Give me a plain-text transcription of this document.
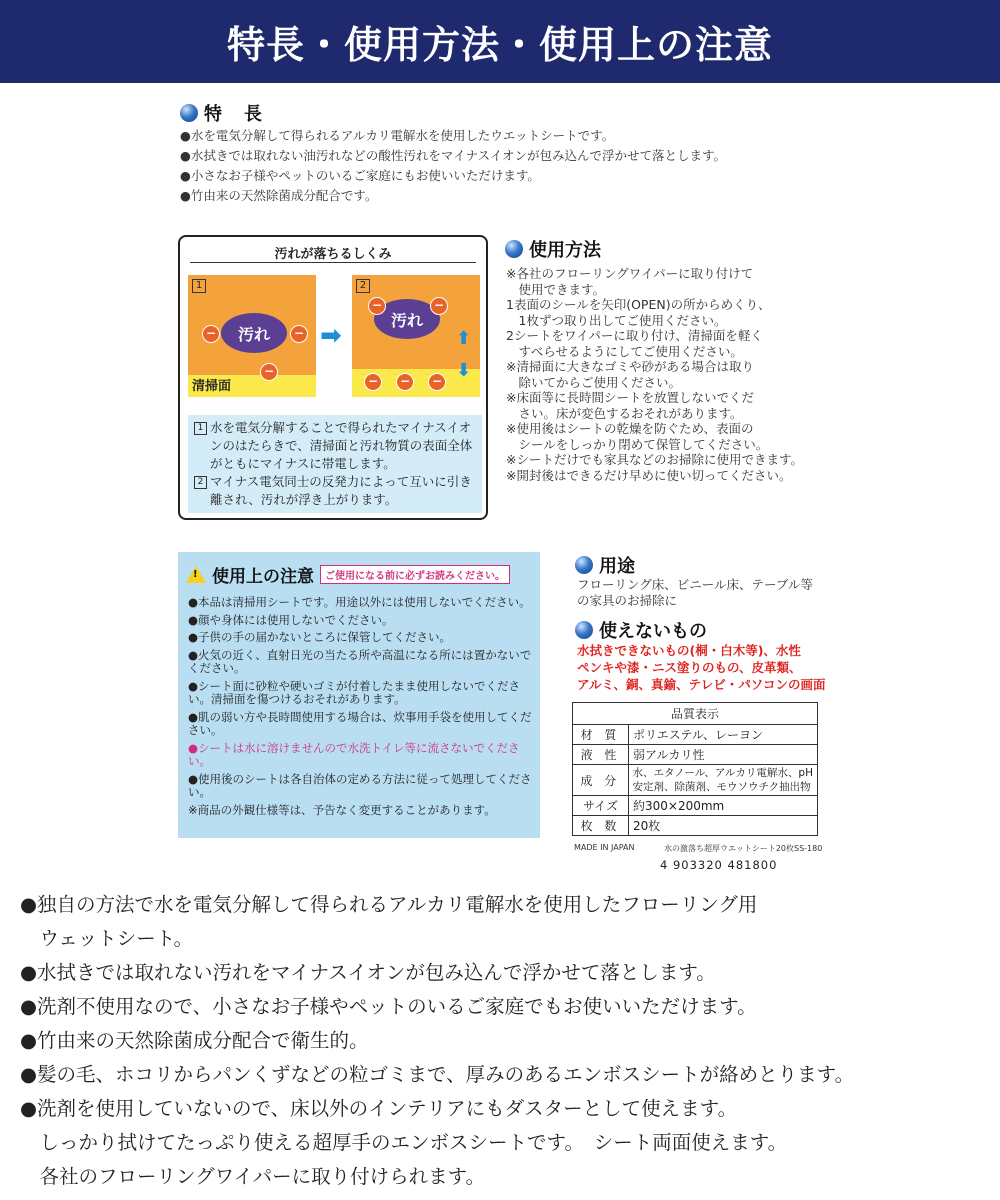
特長・使用方法・使用上の注意
特　長
●水を電気分解して得られるアルカリ電解水を使用したウエットシートです。
●水拭きでは取れない油汚れなどの酸性汚れをマイナスイオンが包み込んで浮かせて落とします。
●小さなお子様やペットのいるご家庭にもお使いいただけます。
●竹由来の天然除菌成分配合です。
汚れが落ちるしくみ
1
汚れ
−	−
−
清掃面
➡
2
汚れ
−	−
−	−	−
⬆

⬇
1 水を電気分解することで得られたマイナスイオンのはたらきで、清掃面と汚れ物質の表面全体がともにマイナスに帯電します。
2 マイナス電気同士の反発力によって互いに引き離され、汚れが浮き上がります。
使用方法
※各社のフローリングワイパーに取り付けて
　使用できます。
1表面のシールを矢印(OPEN)の所からめくり、
　1枚ずつ取り出してご使用ください。
2シートをワイパーに取り付け、清掃面を軽く
　すべらせるようにしてご使用ください。
※清掃面に大きなゴミや砂がある場合は取り
　除いてからご使用ください。
※床面等に長時間シートを放置しないでくだ
　さい。床が変色するおそれがあります。
※使用後はシートの乾燥を防ぐため、表面の
　シールをしっかり閉めて保管してください。
※シートだけでも家具などのお掃除に使用できます。
※開封後はできるだけ早めに使い切ってください。
! 使用上の注意	ご使用になる前に必ずお読みください。
●本品は清掃用シートです。用途以外には使用しないでください。
●顔や身体には使用しないでください。
●子供の手の届かないところに保管してください。
●火気の近く、直射日光の当たる所や高温になる所には置かないでください。
●シート面に砂粒や硬いゴミが付着したまま使用しないでください。清掃面を傷つけるおそれがあります。
●肌の弱い方や長時間使用する場合は、炊事用手袋を使用してください。
●シートは水に溶けませんので水洗トイレ等に流さないでください。
●使用後のシートは各自治体の定める方法に従って処理してください。
※商品の外観仕様等は、予告なく変更することがあります。
用途
フローリング床、ビニール床、テーブル等
の家具のお掃除に
使えないもの
水拭きできないもの(桐・白木等)、水性
ペンキや漆・ニス塗りのもの、皮革類、
アルミ、銅、真鍮、テレビ・パソコンの画面
品質表示
材 質	ポリエステル、レーヨン
液 性	弱アルカリ性
成 分
水、エタノール、アルカリ電解水、pH
安定剤、除菌剤、モウソウチク抽出物
サイズ	約300×200mm
枚 数	20枚
MADE IN JAPAN	水の激落ち超厚ウエットシート20枚SS-180
4 903320 481800
●独自の方法で水を電気分解して得られるアルカリ電解水を使用したフローリング用
　ウェットシート。
●水拭きでは取れない汚れをマイナスイオンが包み込んで浮かせて落とします。
●洗剤不使用なので、小さなお子様やペットのいるご家庭でもお使いいただけます。
●竹由来の天然除菌成分配合で衛生的。
●髪の毛、ホコリからパンくずなどの粒ゴミまで、厚みのあるエンボスシートが絡めとります。
●洗剤を使用していないので、床以外のインテリアにもダスターとして使えます。
　しっかり拭けてたっぷり使える超厚手のエンボスシートです。　シート両面使えます。
　各社のフローリングワイパーに取り付けられます。
